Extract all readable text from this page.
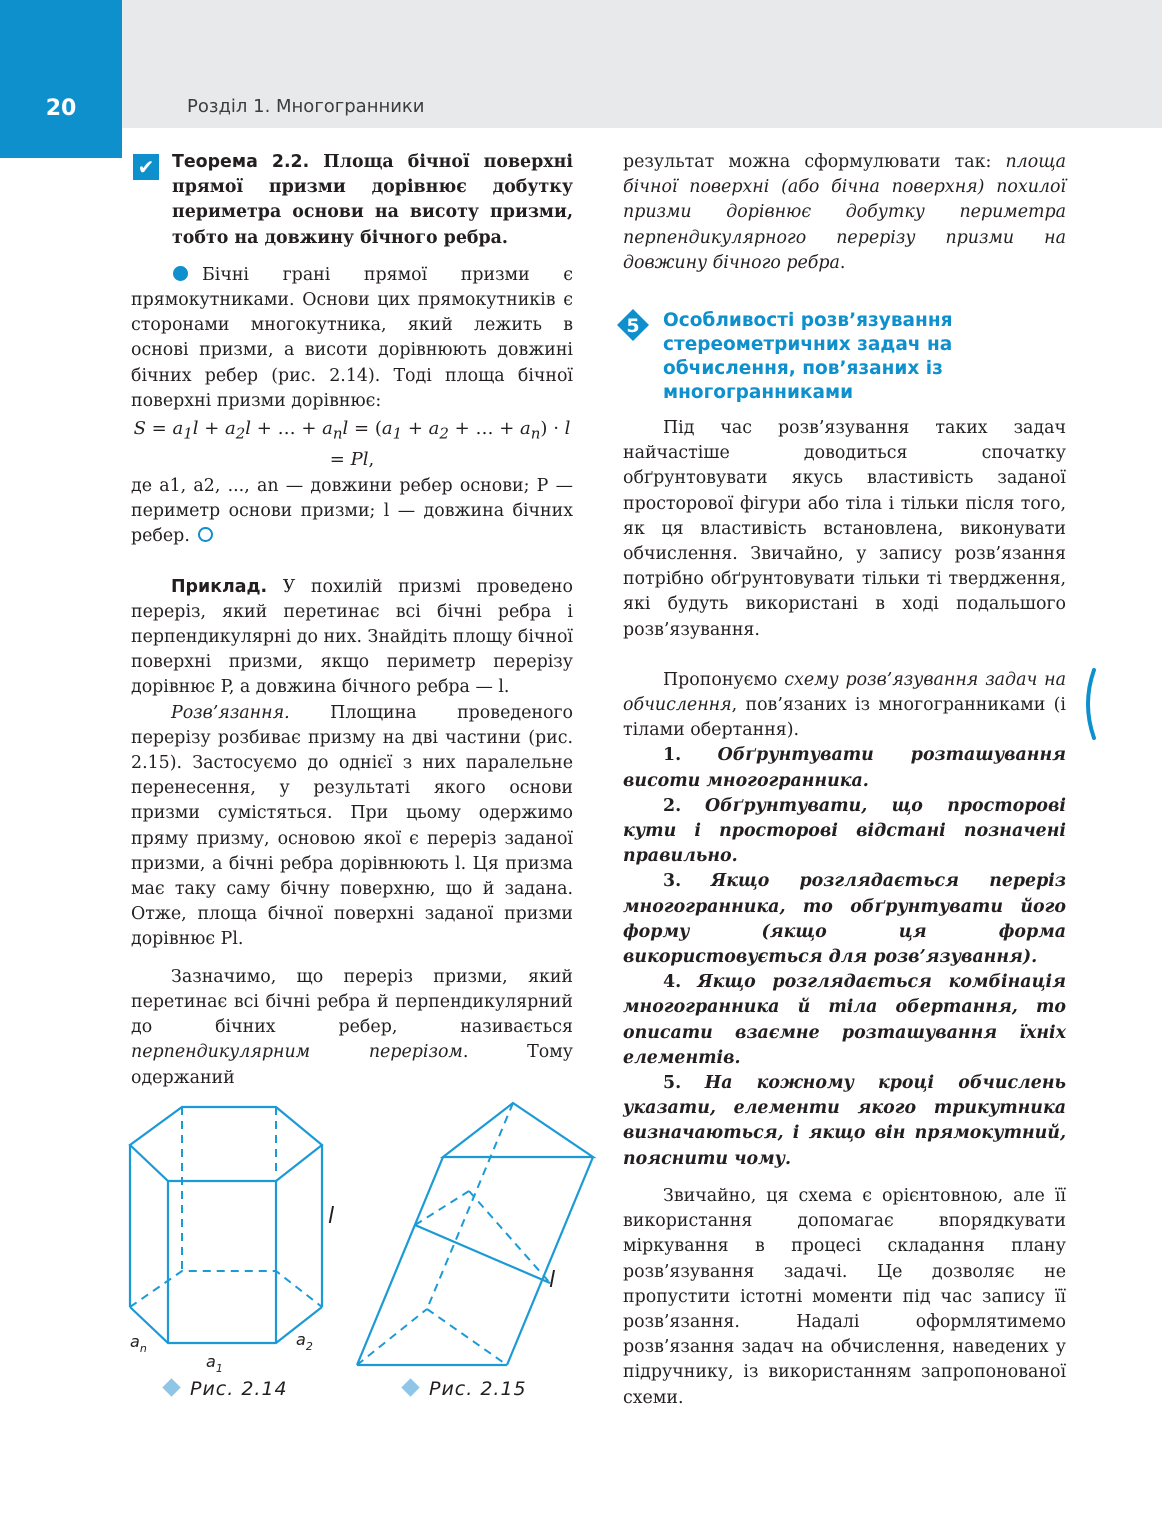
20	Розділ 1. Многогранники
✔ Теорема 2.2. Площа бічної поверхні прямої призми дорівнює добутку периметра основи на висоту призми, тобто на довжину бічного ребра.

Бічні грані прямої призми є прямокутниками. Основи цих прямокутників є сторонами многокутника, який лежить в основі призми, а висоти дорівнюють довжині бічних ребер (рис. 2.14). Тоді площа бічної поверхні призми дорівнює:

$S = a_1l + a_2l$ + … + $a_nl = (a_1 + a_2$ + … + $a_n) \cdot l = Pl$,

де a1, a2, ..., an — довжини ребер основи; P — периметр основи призми; l — довжина бічних ребер.

Приклад. У похилій призмі проведено переріз, який перетинає всі бічні ребра і перпендикулярні до них. Знайдіть площу бічної поверхні призми, якщо периметр перерізу дорівнює P, а довжина бічного ребра — l.

Розв’язання. Площина проведеного перерізу розбиває призму на дві частини (рис. 2.15). Застосуємо до однієї з них паралельне перенесення, у результаті якого основи призми сумістяться. При цьому одержимо пряму призму, основою якої є переріз заданої призми, а бічні ребра дорівнюють l. Ця призма має таку саму бічну поверхню, що й задана. Отже, площа бічної поверхні заданої призми дорівнює Pl.

Зазначимо, що переріз призми, який перетинає всі бічні ребра й перпендикулярний до бічних ребер, називається перпендикулярним перерізом. Тому одержаний

l
$a_n$
$a_1$
$a_2$
Рис. 2.14
l
Рис. 2.15

результат можна сформулювати так: площа бічної поверхні (або бічна поверхня) похилої призми дорівнює добутку периметра перпендикулярного перерізу призми на довжину бічного ребра.

5 Особливості розв’язування стереометричних задач на обчислення, пов’язаних із многогранниками

Під час розв’язування таких задач найчастіше доводиться спочатку обґрунтовувати якусь властивість заданої просторової фігури або тіла і тільки після того, як ця властивість встановлена, виконувати обчислення. Звичайно, у запису розв’язання потрібно обґрунтовувати тільки ті твердження, які будуть використані в ході подальшого розв’язування.

Пропонуємо схему розв’язування задач на обчислення, пов’язаних із многогранниками (і тілами обертання).

1. Обґрунтувати розташування висоти многогранника.

2. Обґрунтувати, що просторові кути і просторові відстані позначені правильно.

3. Якщо розглядається переріз многогранника, то обґрунтувати його форму (якщо ця форма використовується для розв’язування).

4. Якщо розглядається комбінація многогранника й тіла обертання, то описати взаємне розташування їхніх елементів.

5. На кожному кроці обчислень указати, елементи якого трикутника визначаються, і якщо він прямокутний, пояснити чому.

Звичайно, ця схема є орієнтовною, але її використання допомагає впорядкувати міркування в процесі складання плану розв’язування задачі. Це дозволяє не пропустити істотні моменти під час запису її розв’язання. Надалі оформлятимемо розв’язання задач на обчислення, наведених у підручнику, із використанням запропонованої схеми.
